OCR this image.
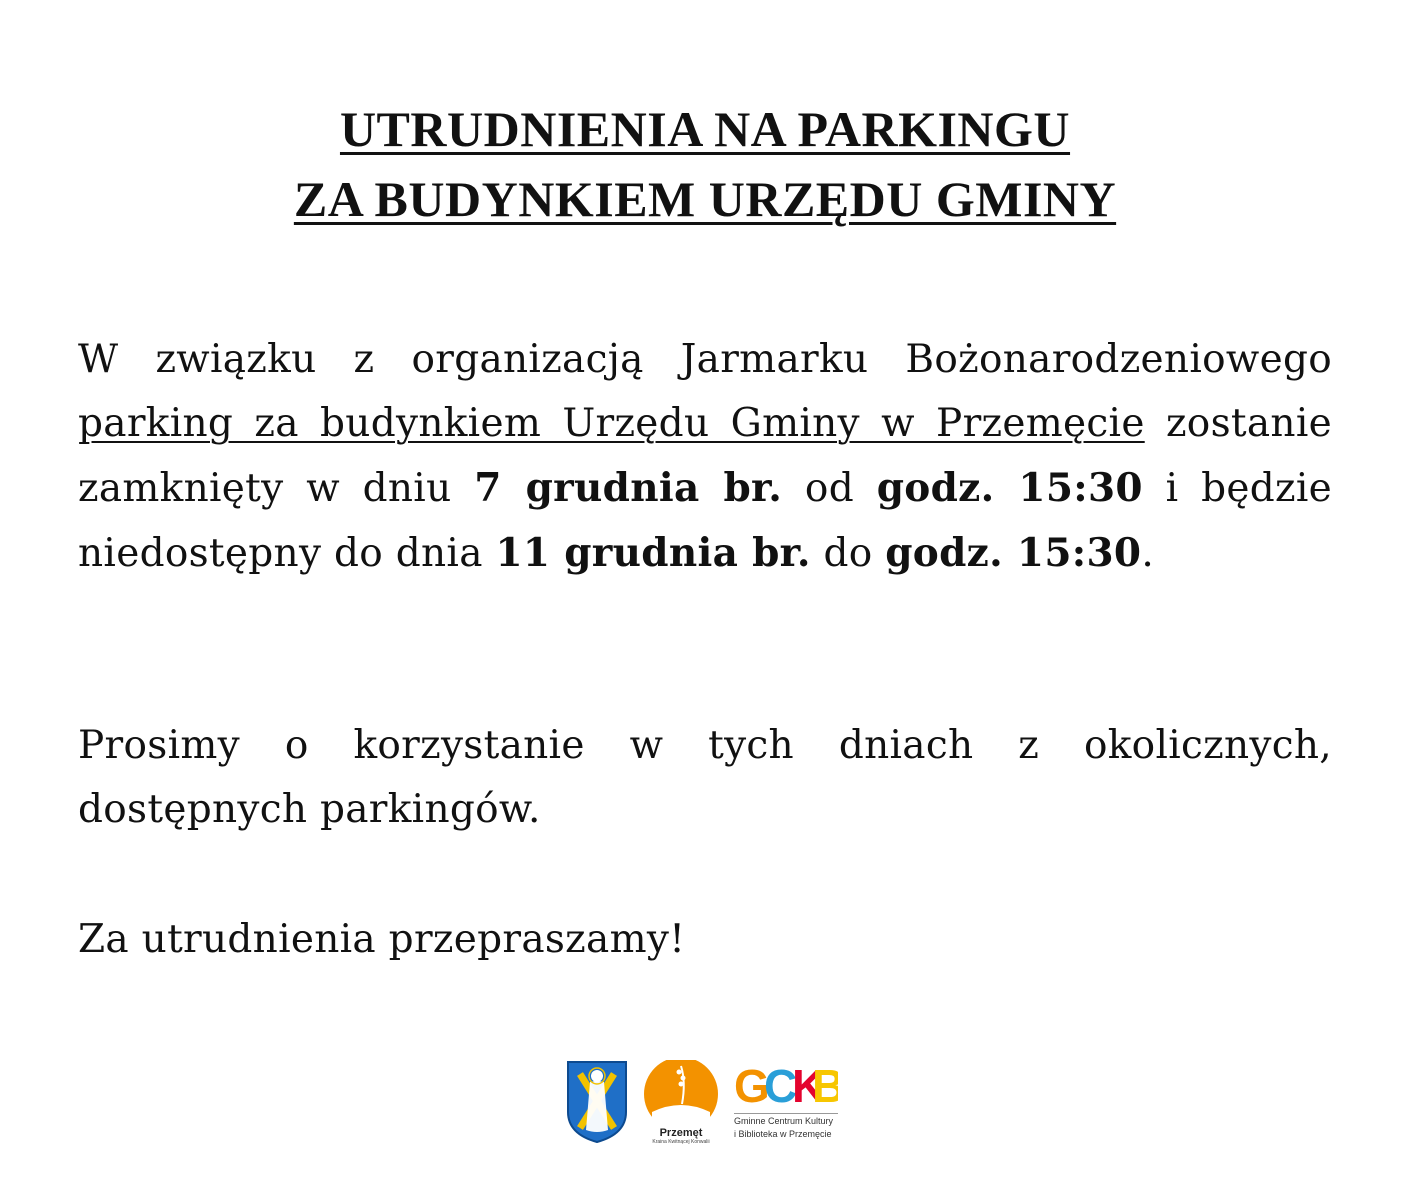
UTRUDNIENIA NA PARKINGU
ZA BUDYNKIEM URZĘDU GMINY
W związku z organizacją Jarmarku Bożonarodzeniowego parking za budynkiem Urzędu Gminy w Przemęcie zostanie zamknięty w dniu 7 grudnia br. od godz. 15:30 i będzie niedostępny do dnia 11 grudnia br. do godz. 15:30.
Prosimy o korzystanie w tych dniach z okolicznych, dostępnych parkingów.
Za utrudnienia przepraszamy!
Przemęt
Kraina Kwitnącej Konwalii
G
C
K
B
Gminne Centrum Kultury
i Biblioteka w Przemęcie
